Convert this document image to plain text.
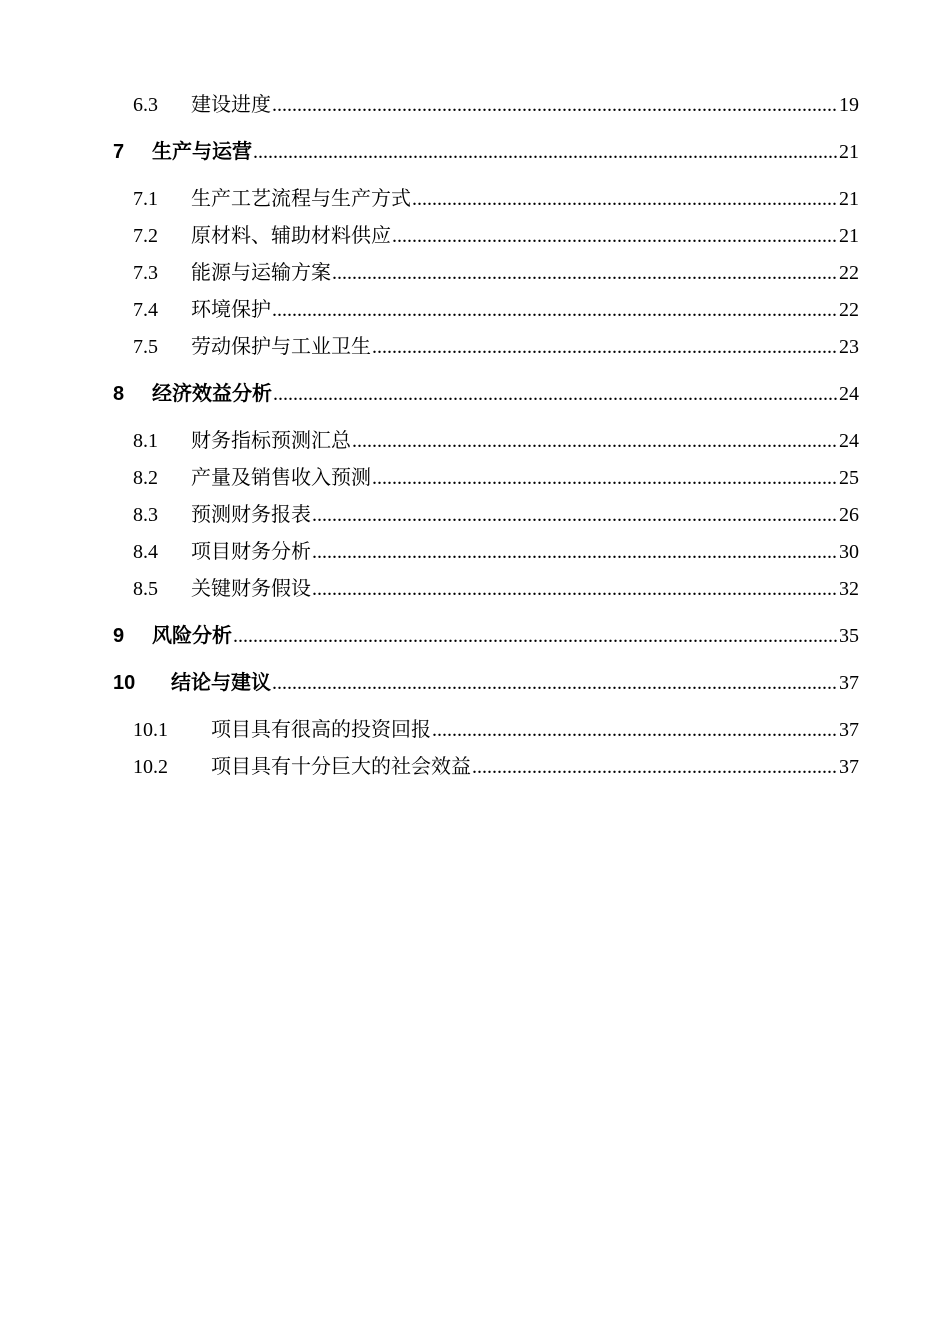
6.3	建设进度 .....	19
7	生产与运营 .....	21
7.1	生产工艺流程与生产方式 .....	21
7.2	原材料、辅助材料供应 .....	21
7.3	能源与运输方案 .....	22
7.4	环境保护 .....	22
7.5	劳动保护与工业卫生 .....	23
8	经济效益分析 .....	24
8.1	财务指标预测汇总 .....	24
8.2	产量及销售收入预测 .....	25
8.3	预测财务报表 .....	26
8.4	项目财务分析 .....	30
8.5	关键财务假设 .....	32
9	风险分析 .....	35
10	结论与建议 .....	37
10.1	项目具有很高的投资回报 .....	37
10.2	项目具有十分巨大的社会效益 .....	37
